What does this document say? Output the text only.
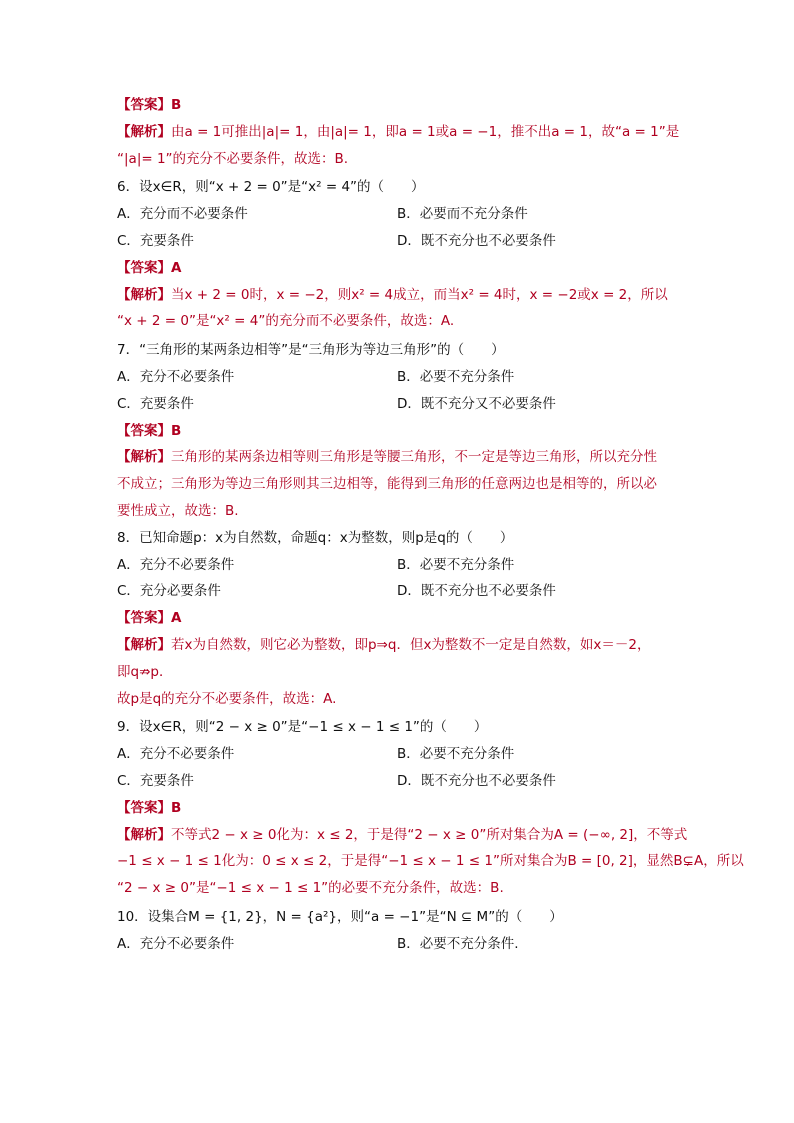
【答案】B
【解析】由a = 1可推出|a|= 1，由|a|= 1，即a = 1或a = −1，推不出a = 1，故“a = 1”是
“|a|= 1”的充分不必要条件，故选：B.
6．设x∈R，则“x + 2 = 0”是“x² = 4”的（　　）
A．充分而不必要条件	B．必要而不充分条件
C．充要条件	D．既不充分也不必要条件
【答案】A
【解析】当x + 2 = 0时，x = −2，则x² = 4成立，而当x² = 4时，x = −2或x = 2，所以
“x + 2 = 0”是“x² = 4”的充分而不必要条件，故选：A.
7．“三角形的某两条边相等”是“三角形为等边三角形”的（　　）
A．充分不必要条件	B．必要不充分条件
C．充要条件	D．既不充分又不必要条件
【答案】B
【解析】三角形的某两条边相等则三角形是等腰三角形，不一定是等边三角形，所以充分性
不成立；三角形为等边三角形则其三边相等，能得到三角形的任意两边也是相等的，所以必
要性成立，故选：B.
8．已知命题p：x为自然数，命题q：x为整数，则p是q的（　　）
A．充分不必要条件	B．必要不充分条件
C．充分必要条件	D．既不充分也不必要条件
【答案】A
【解析】若x为自然数，则它必为整数，即p⇒q．但x为整数不一定是自然数，如x＝－2，
即q⇏p．
故p是q的充分不必要条件，故选：A.
9．设x∈R，则“2 − x ≥ 0”是“−1 ≤ x − 1 ≤ 1”的（　　）
A．充分不必要条件	B．必要不充分条件
C．充要条件	D．既不充分也不必要条件
【答案】B
【解析】不等式2 − x ≥ 0化为：x ≤ 2，于是得“2 − x ≥ 0”所对集合为A = (−∞, 2]，不等式
−1 ≤ x − 1 ≤ 1化为：0 ≤ x ≤ 2，于是得“−1 ≤ x − 1 ≤ 1”所对集合为B = [0, 2]，显然B⊊A，所以
“2 − x ≥ 0”是“−1 ≤ x − 1 ≤ 1”的必要不充分条件，故选：B.
10．设集合M = {1, 2}，N = {a²}，则“a = −1”是“N ⊆ M”的（　　）
A．充分不必要条件	B．必要不充分条件.
